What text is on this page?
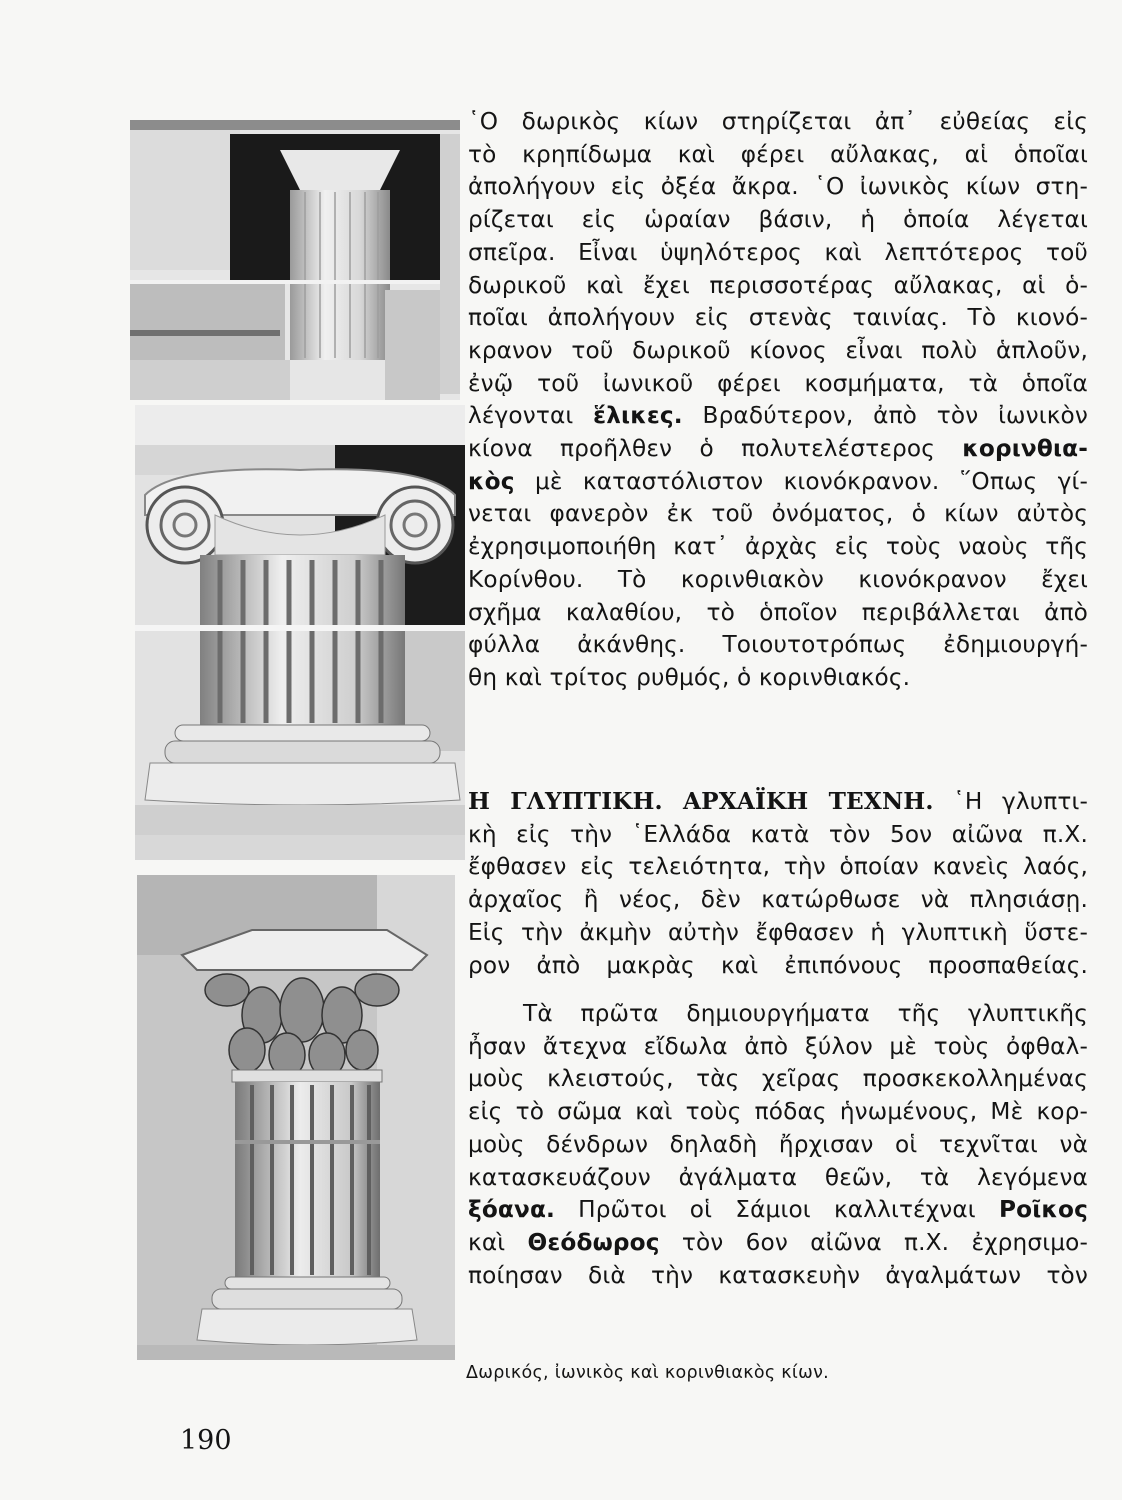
῾Ο δωρικὸς κίων στηρίζεται ἀπ᾽ εὐθείας εἰς
τὸ κρηπίδωμα καὶ φέρει αὔλακας, αἱ ὁποῖαι
ἀπολήγουν εἰς ὀξέα ἄκρα. ῾Ο ἰωνικὸς κίων στη-
ρίζεται εἰς ὡραίαν βάσιν, ἡ ὁποία λέγεται
σπεῖρα. Εἶναι ὑψηλότερος καὶ λεπτότερος τοῦ
δωρικοῦ καὶ ἔχει περισσοτέρας αὔλακας, αἱ ὁ-
ποῖαι ἀπολήγουν εἰς στενὰς ταινίας. Τὸ κιονό-
κρανον τοῦ δωρικοῦ κίονος εἶναι πολὺ ἁπλοῦν,
ἐνῷ τοῦ ἰωνικοῦ φέρει κοσμήματα, τὰ ὁποῖα
λέγονται ἕλικες. Βραδύτερον, ἀπὸ τὸν ἰωνικὸν
κίονα προῆλθεν ὁ πολυτελέστερος κορινθια-
κὸς μὲ καταστόλιστον κιονόκρανον. ῞Οπως γί-
νεται φανερὸν ἐκ τοῦ ὀνόματος, ὁ κίων αὐτὸς
ἐχρησιμοποιήθη κατ᾽ ἀρχὰς εἰς τοὺς ναοὺς τῆς
Κορίνθου. Τὸ κορινθιακὸν κιονόκρανον ἔχει
σχῆμα καλαθίου, τὸ ὁποῖον περιβάλλεται ἀπὸ
φύλλα ἀκάνθης. Τοιουτοτρόπως ἐδημιουργή-
θη καὶ τρίτος ρυθμός, ὁ κορινθιακός.

Η ΓΛΥΠΤΙΚΗ. ΑΡΧΑΪΚΗ ΤΕΧΝΗ. ῾Η γλυπτι-
κὴ εἰς τὴν ῾Ελλάδα κατὰ τὸν 5ον αἰῶνα π.Χ.
ἔφθασεν εἰς τελειότητα, τὴν ὁποίαν κανεὶς λαός,
ἀρχαῖος ἢ νέος, δὲν κατώρθωσε νὰ πλησιάσῃ.
Εἰς τὴν ἀκμὴν αὐτὴν ἔφθασεν ἡ γλυπτικὴ ὕστε-
ρον ἀπὸ μακρὰς καὶ ἐπιπόνους προσπαθείας.

Τὰ πρῶτα δημιουργήματα τῆς γλυπτικῆς
ἦσαν ἄτεχνα εἴδωλα ἀπὸ ξύλον μὲ τοὺς ὀφθαλ-
μοὺς κλειστούς, τὰς χεῖρας προσκεκολλημένας
εἰς τὸ σῶμα καὶ τοὺς πόδας ἡνωμένους, Μὲ κορ-
μοὺς δένδρων δηλαδὴ ἤρχισαν οἱ τεχνῖται νὰ
κατασκευάζουν ἀγάλματα θεῶν, τὰ λεγόμενα
ξόανα. Πρῶτοι οἱ Σάμιοι καλλιτέχναι Ροῖκος
καὶ Θεόδωρος τὸν 6ον αἰῶνα π.Χ. ἐχρησιμο-
ποίησαν διὰ τὴν κατασκευὴν ἀγαλμάτων τὸν

Δωρικός, ἰωνικὸς καὶ κορινθιακὸς κίων.
190
